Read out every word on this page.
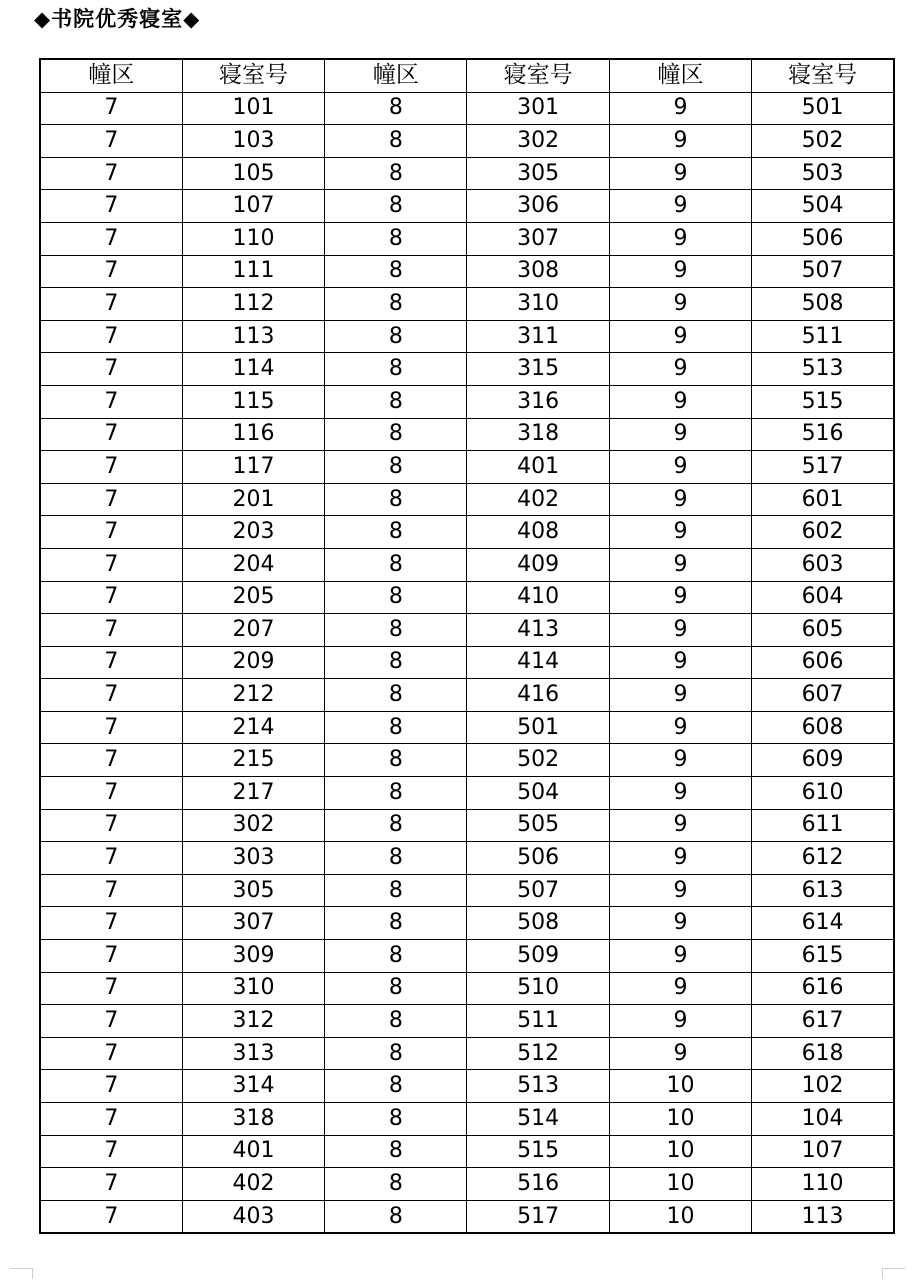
◆书院优秀寝室◆
幢区	寝室号	幢区	寝室号	幢区	寝室号
7	101	8	301	9	501
7	103	8	302	9	502
7	105	8	305	9	503
7	107	8	306	9	504
7	110	8	307	9	506
7	111	8	308	9	507
7	112	8	310	9	508
7	113	8	311	9	511
7	114	8	315	9	513
7	115	8	316	9	515
7	116	8	318	9	516
7	117	8	401	9	517
7	201	8	402	9	601
7	203	8	408	9	602
7	204	8	409	9	603
7	205	8	410	9	604
7	207	8	413	9	605
7	209	8	414	9	606
7	212	8	416	9	607
7	214	8	501	9	608
7	215	8	502	9	609
7	217	8	504	9	610
7	302	8	505	9	611
7	303	8	506	9	612
7	305	8	507	9	613
7	307	8	508	9	614
7	309	8	509	9	615
7	310	8	510	9	616
7	312	8	511	9	617
7	313	8	512	9	618
7	314	8	513	10	102
7	318	8	514	10	104
7	401	8	515	10	107
7	402	8	516	10	110
7	403	8	517	10	113
